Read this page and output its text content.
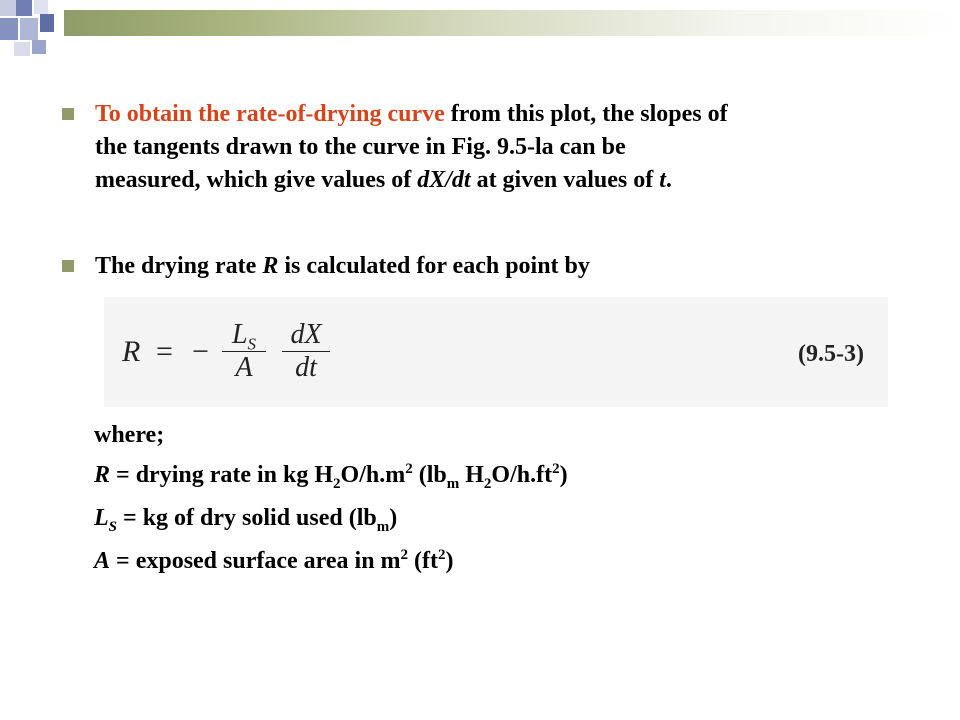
To obtain the rate-of-drying curve from this plot, the slopes of
the tangents drawn to the curve in Fig. 9.5-la can be
measured, which give values of dX/dt at given values of t.
The drying rate R is calculated for each point by
R = − $\frac{L_S}{A} \frac{dX}{dt}$	(9.5-3)
where;
R = drying rate in kg $H_2O/h.m^2$ ($lb_m$ $H_2O/h.ft^2$)
$L_S$ = kg of dry solid used $(lb_m)$
A = exposed surface area in $m^2$ $(ft^2)$
